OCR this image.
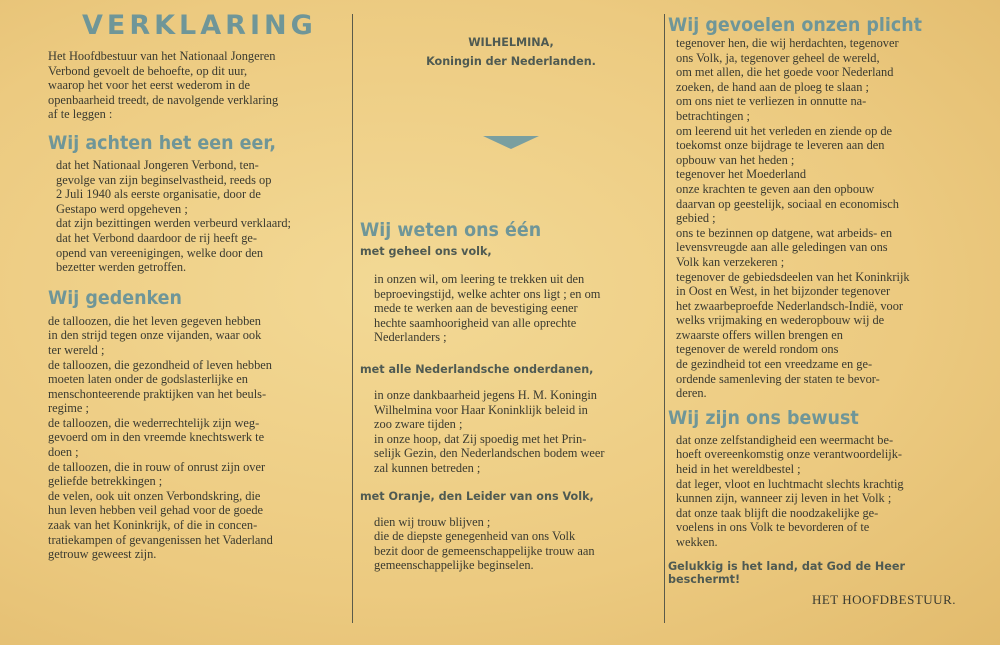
VERKLARING

Het Hoofdbestuur van het Nationaal Jongeren
Verbond gevoelt de behoefte, op dit uur,
waarop het voor het eerst wederom in de
openbaarheid treedt, de navolgende verklaring
af te leggen :

Wij achten het een eer,

dat het Nationaal Jongeren Verbond, ten-
gevolge van zijn beginselvastheid, reeds op
2 Juli 1940 als eerste organisatie, door de
Gestapo werd opgeheven ;
dat zijn bezittingen werden verbeurd verklaard;
dat het Verbond daardoor de rij heeft ge-
opend van vereenigingen, welke door den
bezetter werden getroffen.

Wij gedenken

de talloozen, die het leven gegeven hebben
in den strijd tegen onze vijanden, waar ook
ter wereld ;
de talloozen, die gezondheid of leven hebben
moeten laten onder de godslasterlijke en
menschonteerende praktijken van het beuls-
regime ;
de talloozen, die wederrechtelijk zijn weg-
gevoerd om in den vreemde knechtswerk te
doen ;
de talloozen, die in rouw of onrust zijn over
geliefde betrekkingen ;
de velen, ook uit onzen Verbondskring, die
hun leven hebben veil gehad voor de goede
zaak van het Koninkrijk, of die in concen-
tratiekampen of gevangenissen het Vaderland
getrouw geweest zijn.

WILHELMINA,

Koningin der Nederlanden.

Wij weten ons één

met geheel ons volk,

in onzen wil, om leering te trekken uit den
beproevingstijd, welke achter ons ligt ; en om
mede te werken aan de bevestiging eener
hechte saamhoorigheid van alle oprechte
Nederlanders ;

met alle Nederlandsche onderdanen,

in onze dankbaarheid jegens H. M. Koningin
Wilhelmina voor Haar Koninklijk beleid in
zoo zware tijden ;
in onze hoop, dat Zij spoedig met het Prin-
selijk Gezin, den Nederlandschen bodem weer
zal kunnen betreden ;

met Oranje, den Leider van ons Volk,

dien wij trouw blijven ;
die de diepste genegenheid van ons Volk
bezit door de gemeenschappelijke trouw aan
gemeenschappelijke beginselen.

Wij gevoelen onzen plicht

tegenover hen, die wij herdachten, tegenover
ons Volk, ja, tegenover geheel de wereld,
om met allen, die het goede voor Nederland
zoeken, de hand aan de ploeg te slaan ;
om ons niet te verliezen in onnutte na-
betrachtingen ;
om leerend uit het verleden en ziende op de
toekomst onze bijdrage te leveren aan den
opbouw van het heden ;
tegenover het Moederland
onze krachten te geven aan den opbouw
daarvan op geestelijk, sociaal en economisch
gebied ;
ons te bezinnen op datgene, wat arbeids- en
levensvreugde aan alle geledingen van ons
Volk kan verzekeren ;
tegenover de gebiedsdeelen van het Koninkrijk
in Oost en West, in het bijzonder tegenover
het zwaarbeproefde Nederlandsch-Indië, voor
welks vrijmaking en wederopbouw wij de
zwaarste offers willen brengen en
tegenover de wereld rondom ons
de gezindheid tot een vreedzame en ge-
ordende samenleving der staten te bevor-
deren.

Wij zijn ons bewust

dat onze zelfstandigheid een weermacht be-
hoeft overeenkomstig onze verantwoordelijk-
heid in het wereldbestel ;
dat leger, vloot en luchtmacht slechts krachtig
kunnen zijn, wanneer zij leven in het Volk ;
dat onze taak blijft die noodzakelijke ge-
voelens in ons Volk te bevorderen of te
wekken.

Gelukkig is het land, dat God de Heer beschermt!

HET HOOFDBESTUUR.
